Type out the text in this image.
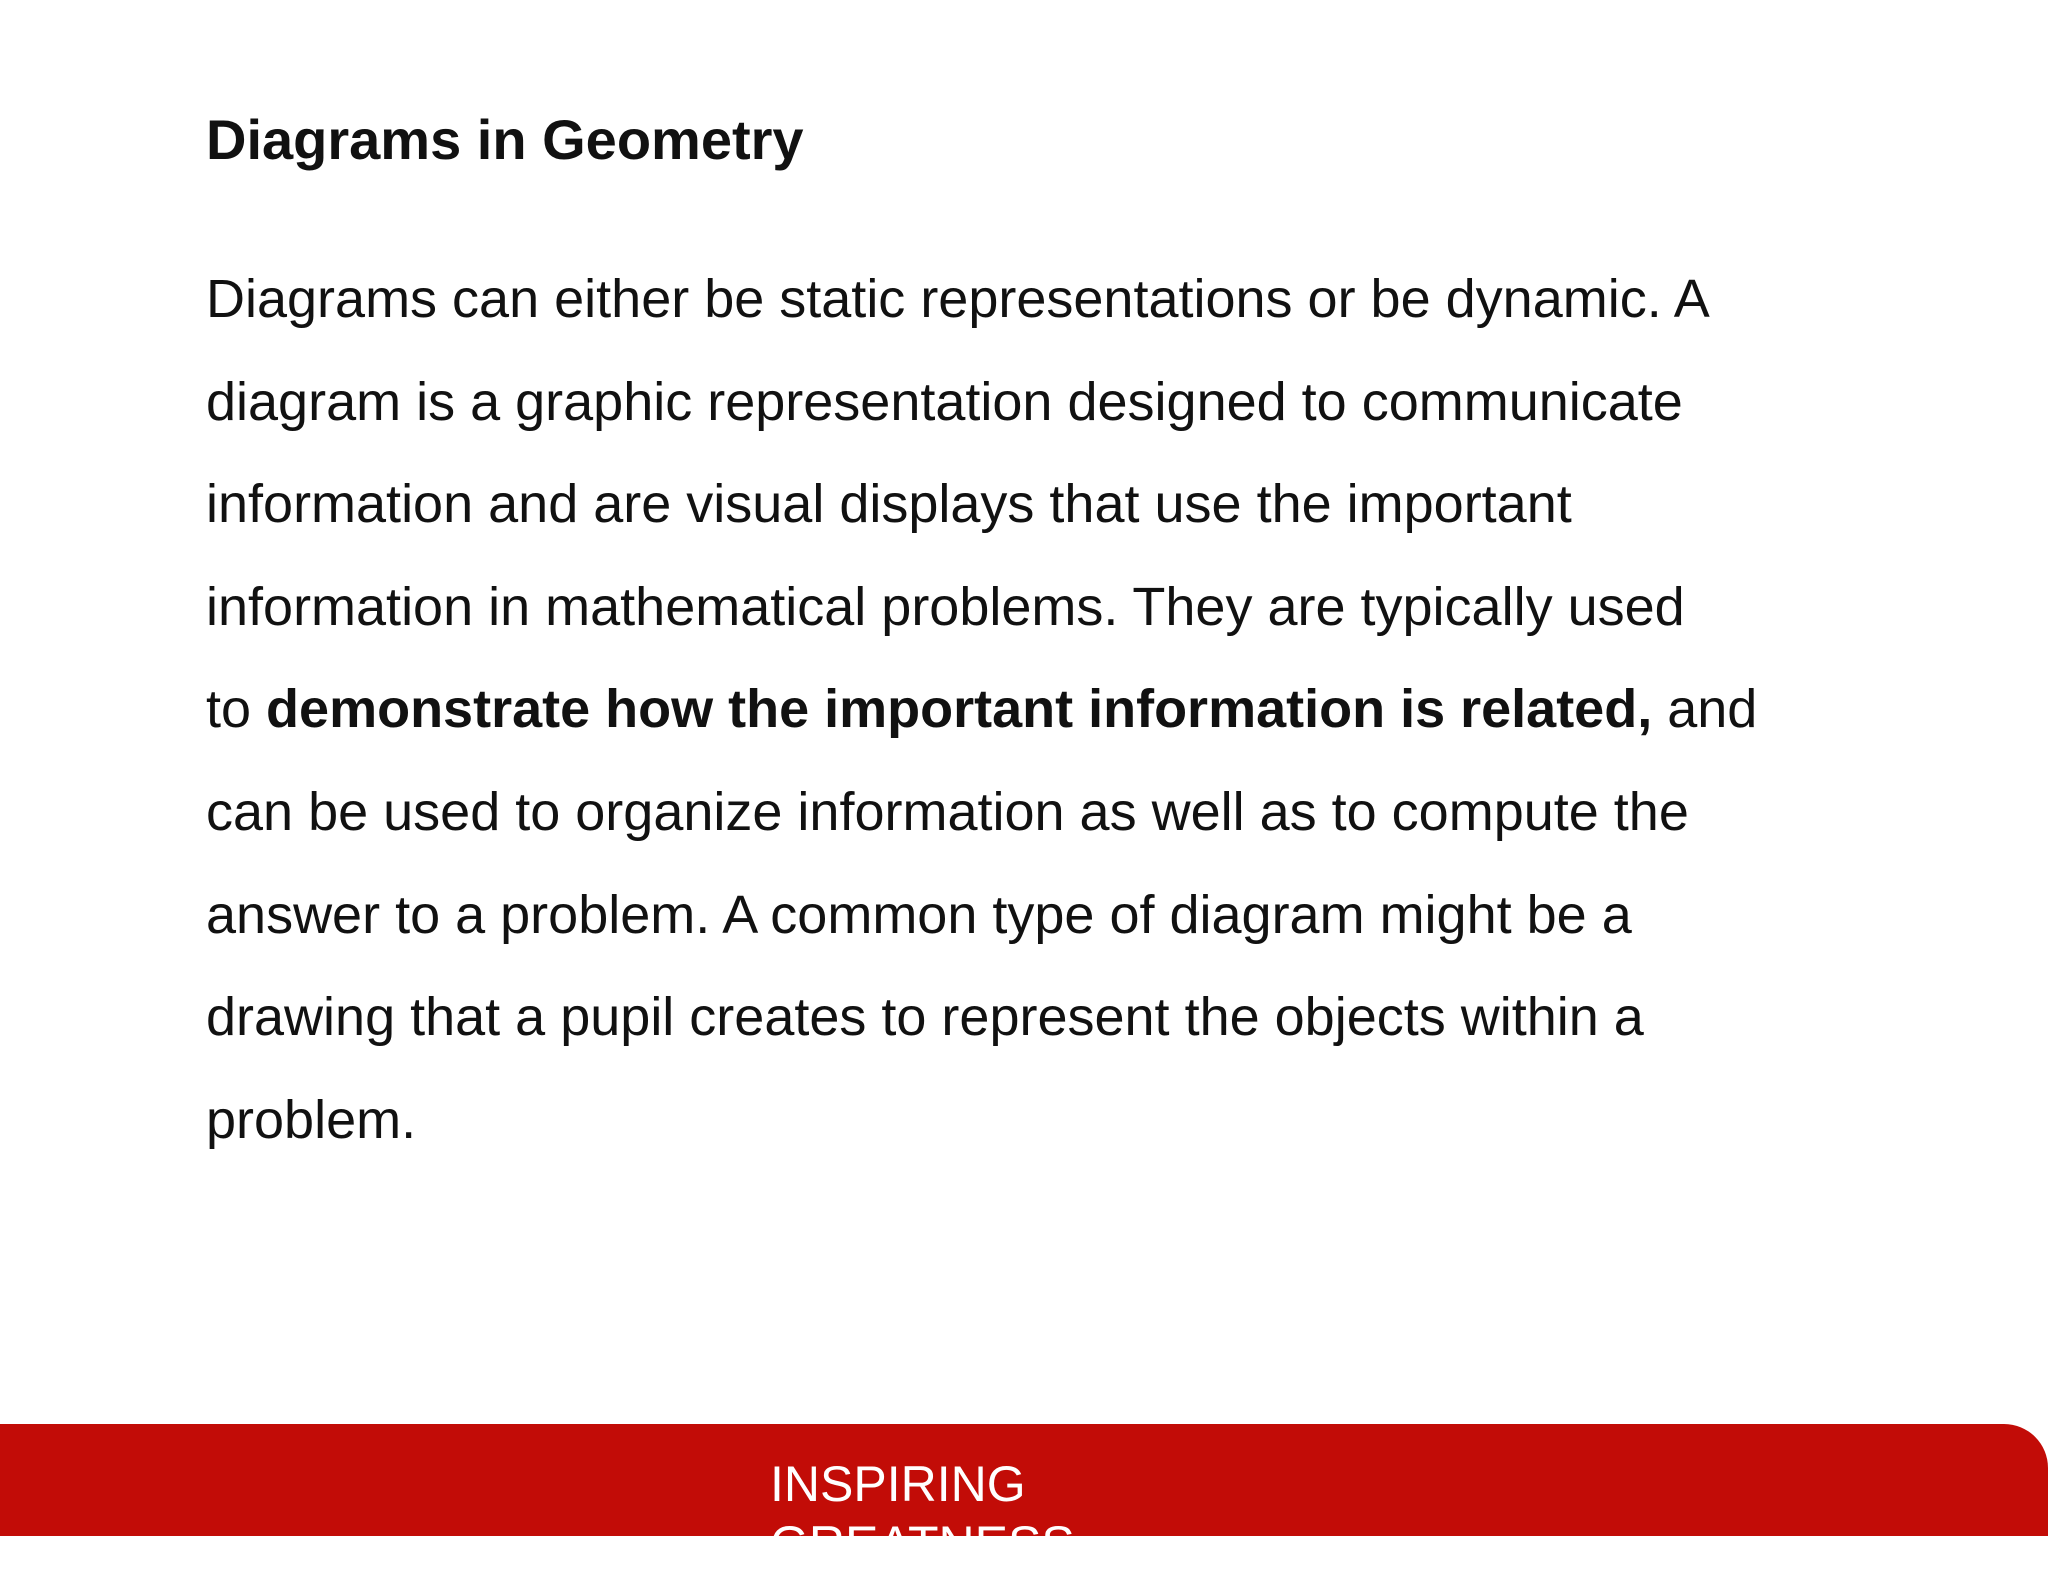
Diagrams in Geometry
Diagrams can either be static representations or be dynamic. A
diagram is a graphic representation designed to communicate
information and are visual displays that use the important
information in mathematical problems. They are typically used
to demonstrate how the important information is related, and
can be used to organize information as well as to compute the
answer to a problem. A common type of diagram might be a
drawing that a pupil creates to represent the objects within a
problem.

INSPIRING GREATNESS
